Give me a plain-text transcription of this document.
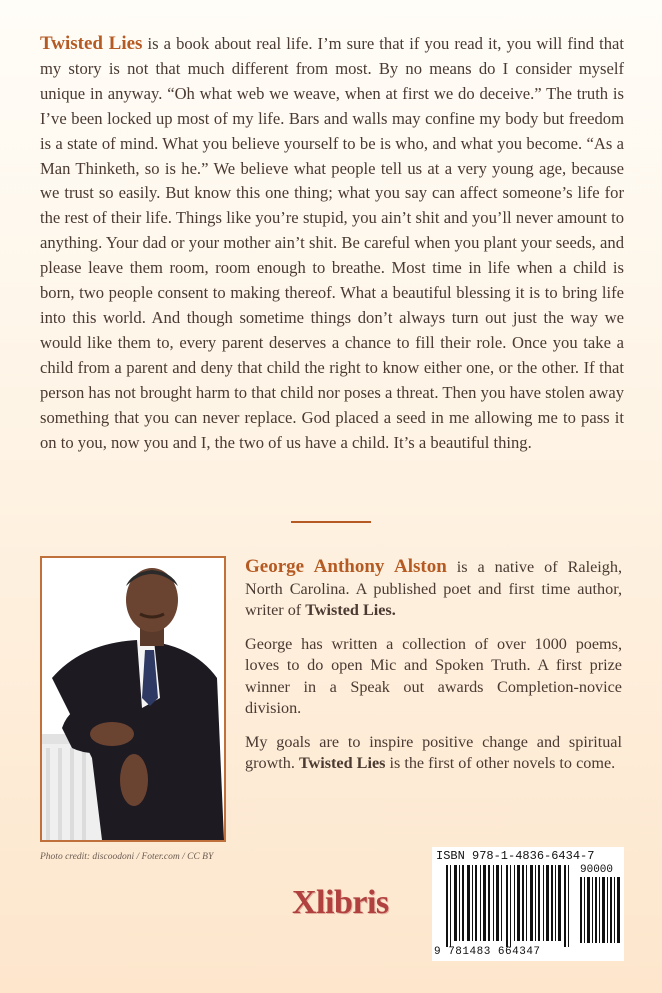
Twisted Lies is a book about real life. I’m sure that if you read it, you will find that my story is not that much different from most. By no means do I consider myself unique in anyway. “Oh what web we weave, when at first we do deceive.” The truth is I’ve been locked up most of my life. Bars and walls may confine my body but freedom is a state of mind. What you believe yourself to be is who, and what you become. “As a Man Thinketh, so is he.” We believe what people tell us at a very young age, because we trust so easily. But know this one thing; what you say can affect someone’s life for the rest of their life. Things like you’re stupid, you ain’t shit and you’ll never amount to anything. Your dad or your mother ain’t shit. Be careful when you plant your seeds, and please leave them room, room enough to breathe. Most time in life when a child is born, two people consent to making thereof. What a beautiful blessing it is to bring life into this world. And though sometime things don’t always turn out just the way we would like them to, every parent deserves a chance to fill their role. Once you take a child from a parent and deny that child the right to know either one, or the other. If that person has not brought harm to that child nor poses a threat. Then you have stolen away something that you can never replace. God placed a seed in me allowing me to pass it on to you, now you and I, the two of us have a child. It’s a beautiful thing.

Photo credit: discoodoni / Foter.com / CC BY

George Anthony Alston is a native of Raleigh, North Carolina. A published poet and first time author, writer of Twisted Lies.

George has written a collection of over 1000 poems, loves to do open Mic and Spoken Truth. A first prize winner in a Speak out awards Completion-novice division.

My goals are to inspire positive change and spiritual growth. Twisted Lies is the first of other novels to come.

Xlibris
ISBN 978-1-4836-6434-7
90000
9 781483 664347
